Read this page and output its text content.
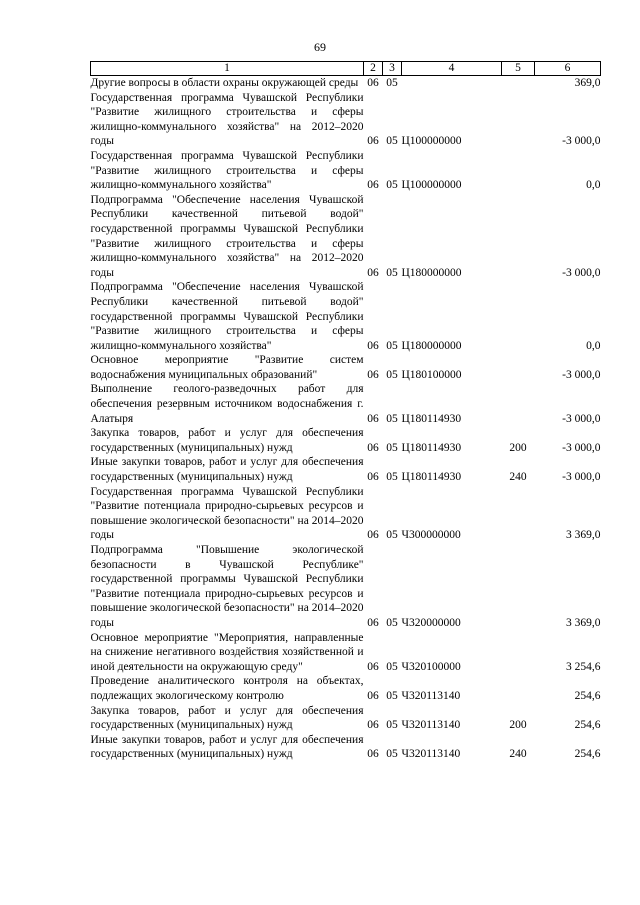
69
1	2	3	4	5	6
Другие вопросы в области охраны окружающей среды	06	05			369,0
Государственная программа Чувашской Республики "Развитие жилищного строительства и сферы жилищно-коммунального хозяйства" на 2012–2020 годы	06	05	Ц100000000		-3 000,0
Государственная программа Чувашской Республики "Развитие жилищного строительства и сферы жилищно-коммунального хозяйства"	06	05	Ц100000000		0,0
Подпрограмма "Обеспечение населения Чувашской Республики качественной питьевой водой" государственной программы Чувашской Республики "Развитие жилищного строительства и сферы жилищно-коммунального хозяйства" на 2012–2020 годы	06	05	Ц180000000		-3 000,0
Подпрограмма "Обеспечение населения Чувашской Республики качественной питьевой водой" государственной программы Чувашской Республики "Развитие жилищного строительства и сферы жилищно-коммунального хозяйства"	06	05	Ц180000000		0,0
Основное мероприятие "Развитие систем водоснабжения муниципальных образований"	06	05	Ц180100000		-3 000,0
Выполнение геолого-разведочных работ для обеспечения резервным источником водоснабжения г. Алатыря	06	05	Ц180114930		-3 000,0
Закупка товаров, работ и услуг для обеспечения государственных (муниципальных) нужд	06	05	Ц180114930	200	-3 000,0
Иные закупки товаров, работ и услуг для обеспечения государственных (муниципальных) нужд	06	05	Ц180114930	240	-3 000,0
Государственная программа Чувашской Республики "Развитие потенциала природно-сырьевых ресурсов и повышение экологической безопасности" на 2014–2020 годы	06	05	Ч300000000		3 369,0
Подпрограмма "Повышение экологической безопасности в Чувашской Республике" государственной программы Чувашской Республики "Развитие потенциала природно-сырьевых ресурсов и повышение экологической безопасности" на 2014–2020 годы	06	05	Ч320000000		3 369,0
Основное мероприятие "Мероприятия, направленные на снижение негативного воздействия хозяйственной и иной деятельности на окружающую среду"	06	05	Ч320100000		3 254,6
Проведение аналитического контроля на объектах, подлежащих экологическому контролю	06	05	Ч320113140		254,6
Закупка товаров, работ и услуг для обеспечения государственных (муниципальных) нужд	06	05	Ч320113140	200	254,6
Иные закупки товаров, работ и услуг для обеспечения государственных (муниципальных) нужд	06	05	Ч320113140	240	254,6
